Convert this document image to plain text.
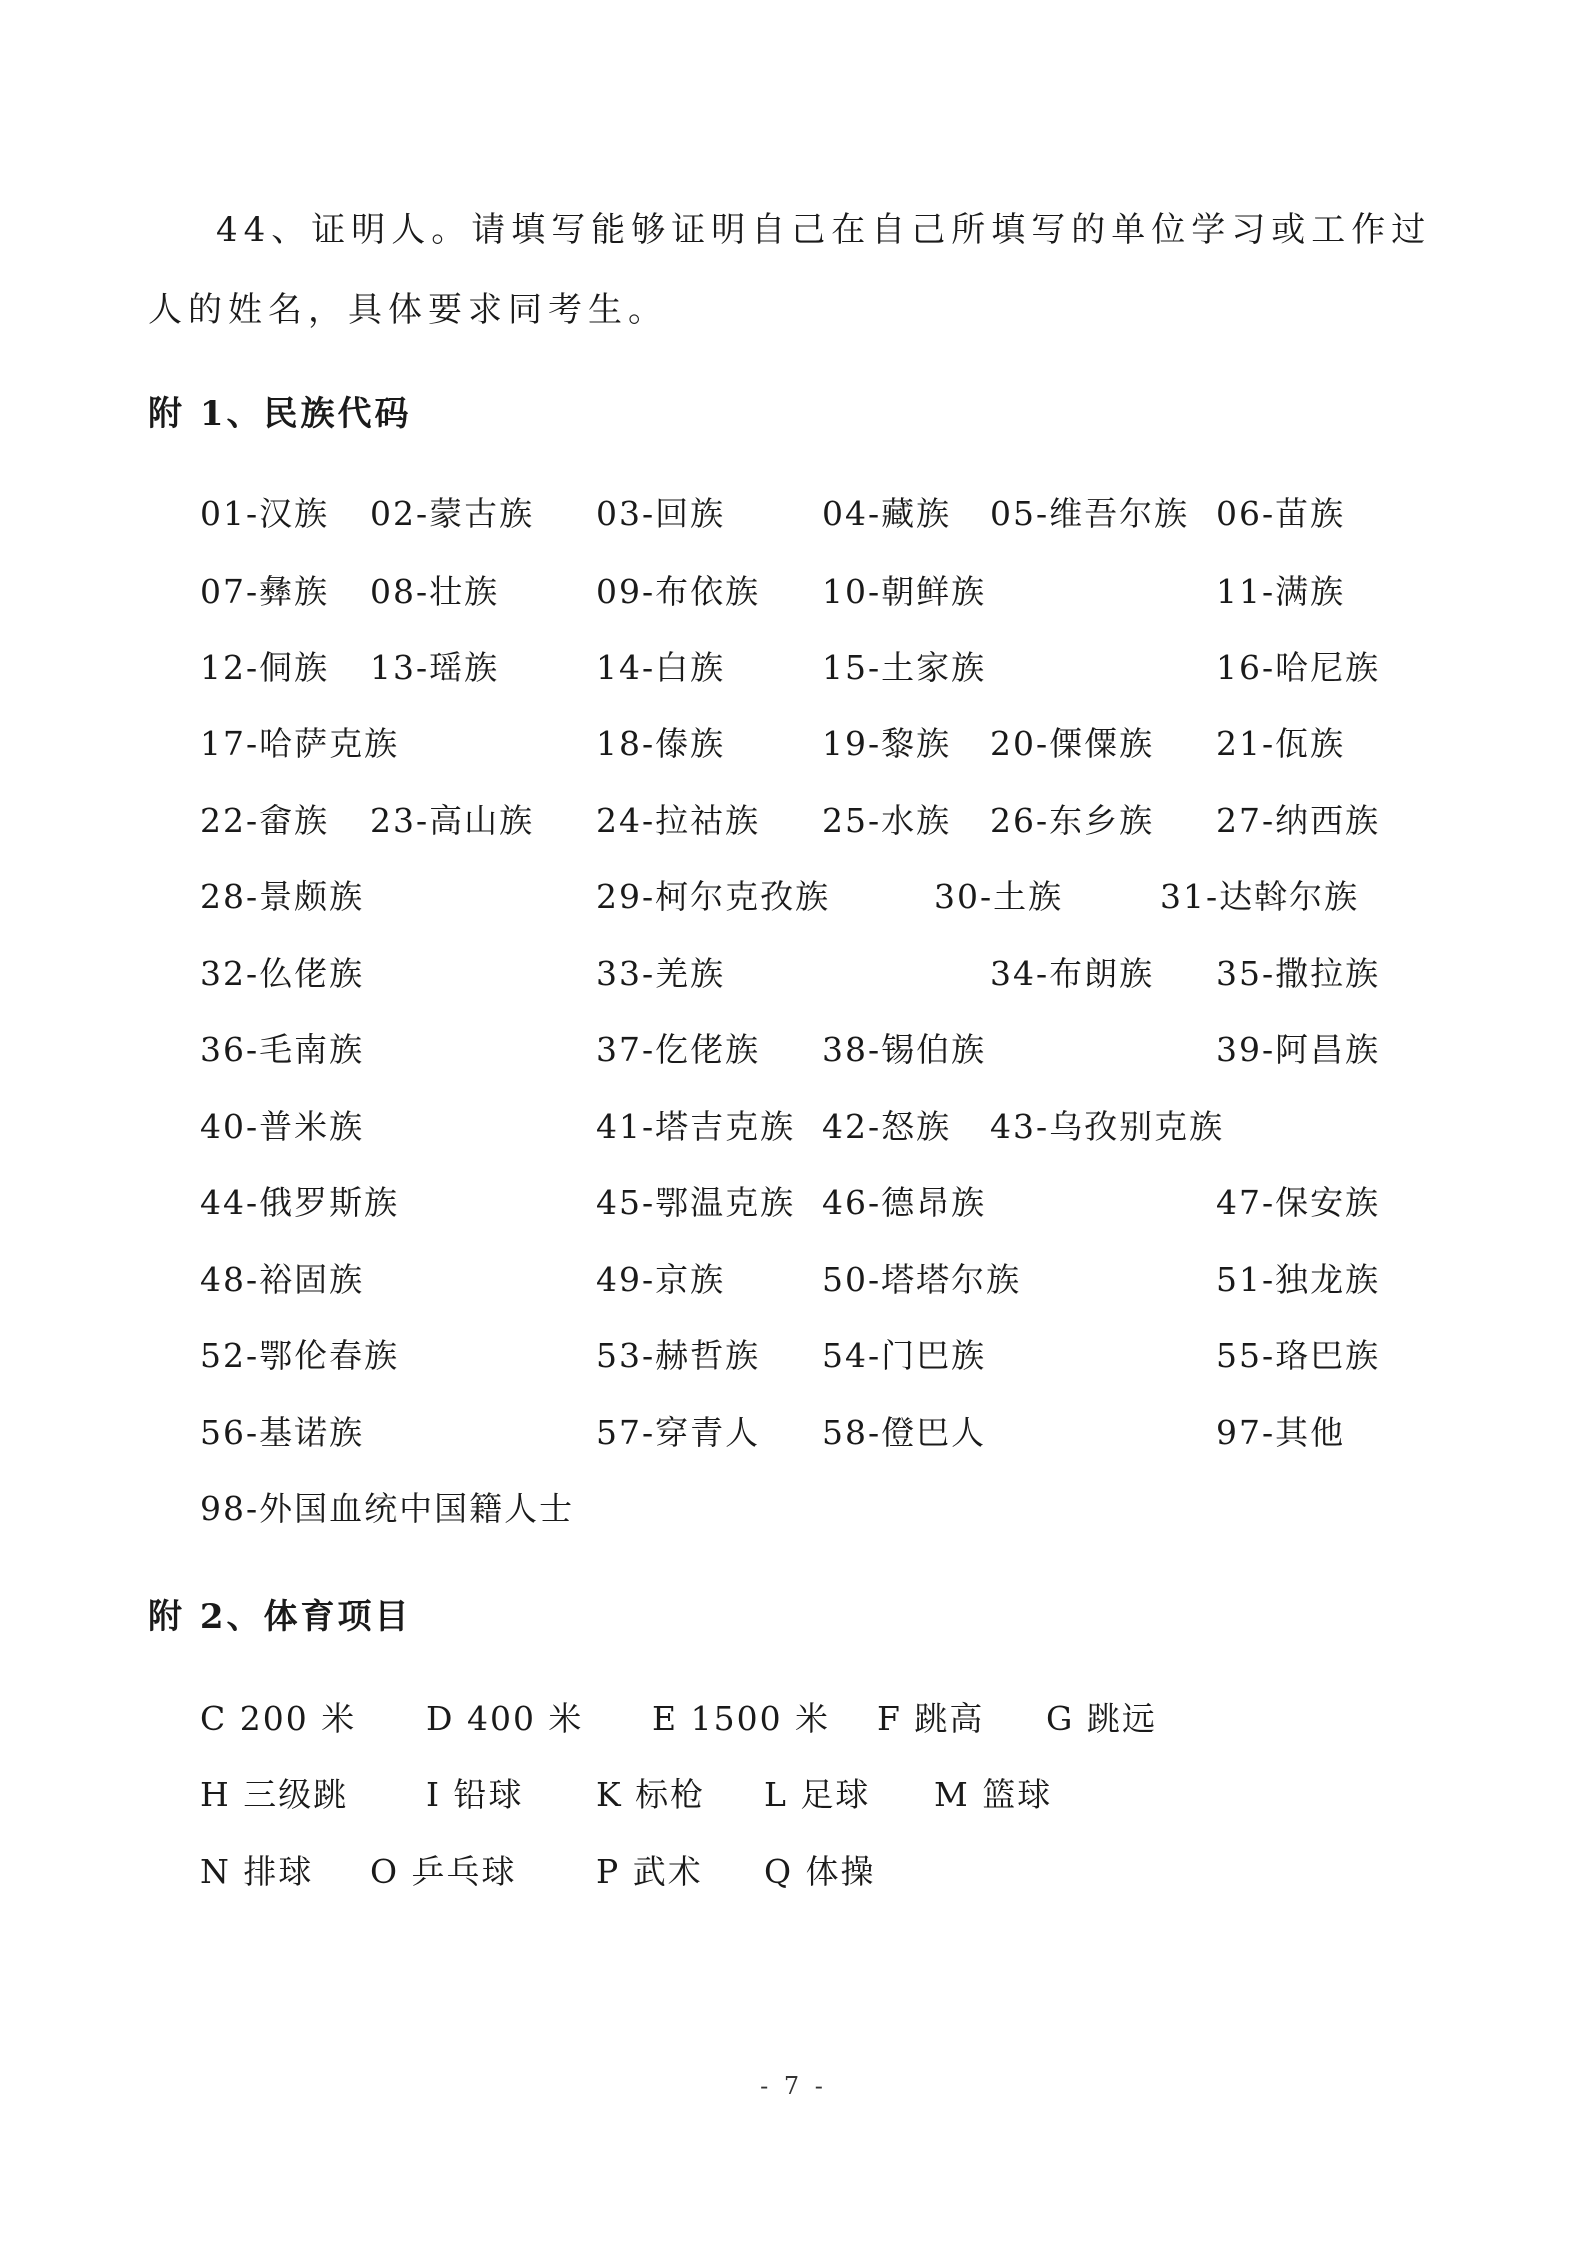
44、证明人。请填写能够证明自己在自己所填写的单位学习或工作过人的姓名，具体要求同考生。

附 1、民族代码
01-汉族 02-蒙古族 03-回族	04-藏族 05-维吾尔族 06-苗族
07-彝族 08-壮族	09-布依族 10-朝鲜族	11-满族
12-侗族 13-瑶族	14-白族	15-土家族	16-哈尼族
17-哈萨克族	18-傣族	19-黎族 20-傈僳族 21-佤族
22-畲族 23-高山族 24-拉祜族 25-水族 26-东乡族 27-纳西族
28-景颇族	29-柯尔克孜族	30-土族	31-达斡尔族
32-仫佬族	33-羌族	34-布朗族 35-撒拉族
36-毛南族	37-仡佬族 38-锡伯族	39-阿昌族
40-普米族	41-塔吉克族 42-怒族 43-乌孜别克族
44-俄罗斯族	45-鄂温克族 46-德昂族	47-保安族
48-裕固族	49-京族	50-塔塔尔族	51-独龙族
52-鄂伦春族	53-赫哲族 54-门巴族	55-珞巴族
56-基诺族	57-穿青人 58-僜巴人	97-其他
98-外国血统中国籍人士
附 2、体育项目
C 200 米 D 400 米 E 1500 米 F 跳高 G 跳远
H 三级跳 I 铅球 K 标枪 L 足球 M 篮球
N 排球 O 乒乓球 P 武术 Q 体操
- 7 -
